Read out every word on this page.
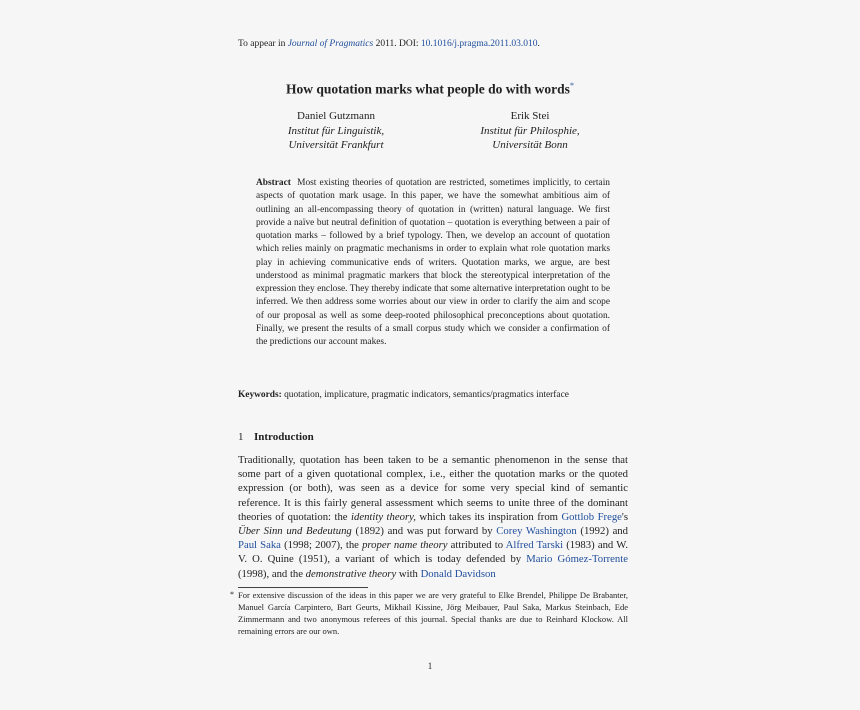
To appear in Journal of Pragmatics 2011. DOI: 10.1016/j.pragma.2011.03.010.
How quotation marks what people do with words*
Daniel Gutzmann
Institut für Linguistik,
Universität Frankfurt
Erik Stei
Institut für Philosphie,
Universität Bonn
Abstract Most existing theories of quotation are restricted, sometimes implicitly, to certain aspects of quotation mark usage. In this paper, we have the somewhat ambitious aim of outlining an all-encompassing theory of quotation in (written) natural language. We first provide a naïve but neutral definition of quotation – quotation is everything between a pair of quotation marks – followed by a brief typology. Then, we develop an account of quotation which relies mainly on pragmatic mechanisms in order to explain what role quotation marks play in achieving communicative ends of writers. Quotation marks, we argue, are best understood as minimal pragmatic markers that block the stereotypical interpretation of the expression they enclose. They thereby indicate that some alternative interpretation ought to be inferred. We then address some worries about our view in order to clarify the aim and scope of our proposal as well as some deep-rooted philosophical preconceptions about quotation. Finally, we present the results of a small corpus study which we consider a confirmation of the predictions our account makes.
Keywords: quotation, implicature, pragmatic indicators, semantics/pragmatics interface
1 Introduction
Traditionally, quotation has been taken to be a semantic phenomenon in the sense that some part of a given quotational complex, i.e., either the quotation marks or the quoted expression (or both), was seen as a device for some very special kind of semantic reference. It is this fairly general assessment which seems to unite three of the dominant theories of quotation: the identity theory, which takes its inspiration from Gottlob Frege's Über Sinn und Bedeutung (1892) and was put forward by Corey Washington (1992) and Paul Saka (1998; 2007), the proper name theory attributed to Alfred Tarski (1983) and W. V. O. Quine (1951), a variant of which is today defended by Mario Gómez-Torrente (1998), and the demonstrative theory with Donald Davidson
* For extensive discussion of the ideas in this paper we are very grateful to Elke Brendel, Philippe De Brabanter, Manuel García Carpintero, Bart Geurts, Mikhail Kissine, Jörg Meibauer, Paul Saka, Markus Steinbach, Ede Zimmermann and two anonymous referees of this journal. Special thanks are due to Reinhard Klockow. All remaining errors are our own.
1
